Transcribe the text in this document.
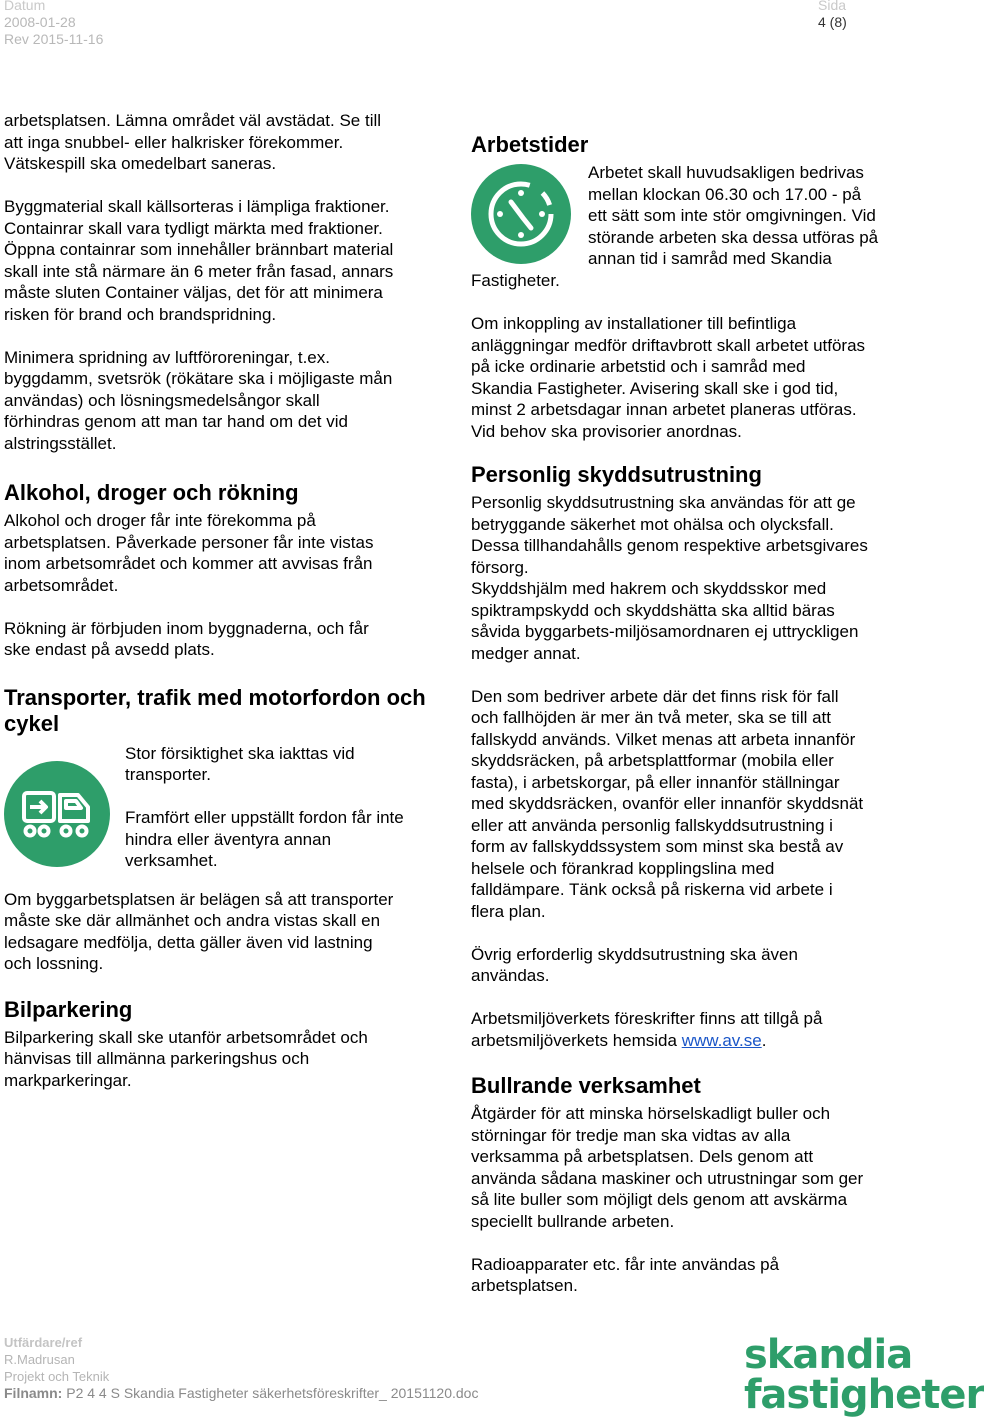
Datum
2008-01-28
Rev 2015-11-16
Sida
4 (8)

arbetsplatsen. Lämna området väl avstädat. Se till
att inga snubbel- eller halkrisker förekommer.
Vätskespill ska omedelbart saneras.

Byggmaterial skall källsorteras i lämpliga fraktioner.
Containrar skall vara tydligt märkta med fraktioner.
Öppna containrar som innehåller brännbart material
skall inte stå närmare än 6 meter från fasad, annars
måste sluten Container väljas, det för att minimera
risken för brand och brandspridning.

Minimera spridning av luftföroreningar, t.ex.
byggdamm, svetsrök (rökätare ska i möjligaste mån
användas) och lösningsmedelsångor skall
förhindras genom att man tar hand om det vid
alstringsstället.

Alkohol, droger och rökning

Alkohol och droger får inte förekomma på
arbetsplatsen. Påverkade personer får inte vistas
inom arbetsområdet och kommer att avvisas från
arbetsområdet.

Rökning är förbjuden inom byggnaderna, och får
ske endast på avsedd plats.

Transporter, trafik med motorfordon och
cykel

Stor försiktighet ska iakttas vid
transporter.

Framfört eller uppställt fordon får inte
hindra eller äventyra annan
verksamhet.

Om byggarbetsplatsen är belägen så att transporter
måste ske där allmänhet och andra vistas skall en
ledsagare medfölja, detta gäller även vid lastning
och lossning.

Bilparkering

Bilparkering skall ske utanför arbetsområdet och
hänvisas till allmänna parkeringshus och
markparkeringar.

Arbetstider

Arbetet skall huvudsakligen bedrivas
mellan klockan 06.30 och 17.00 - på
ett sätt som inte stör omgivningen. Vid
störande arbeten ska dessa utföras på
annan tid i samråd med Skandia

Fastigheter.

Om inkoppling av installationer till befintliga
anläggningar medför driftavbrott skall arbetet utföras
på icke ordinarie arbetstid och i samråd med
Skandia Fastigheter. Avisering skall ske i god tid,
minst 2 arbetsdagar innan arbetet planeras utföras.
Vid behov ska provisorier anordnas.

Personlig skyddsutrustning

Personlig skyddsutrustning ska användas för att ge
betryggande säkerhet mot ohälsa och olycksfall.
Dessa tillhandahålls genom respektive arbetsgivares
försorg.
Skyddshjälm med hakrem och skyddsskor med
spiktrampskydd och skyddshätta ska alltid bäras
såvida byggarbets-miljösamordnaren ej uttryckligen
medger annat.

Den som bedriver arbete där det finns risk för fall
och fallhöjden är mer än två meter, ska se till att
fallskydd används. Vilket menas att arbeta innanför
skyddsräcken, på arbetsplattformar (mobila eller
fasta), i arbetskorgar, på eller innanför ställningar
med skyddsräcken, ovanför eller innanför skyddsnät
eller att använda personlig fallskyddsutrustning i
form av fallskyddssystem som minst ska bestå av
helsele och förankrad kopplingslina med
falldämpare. Tänk också på riskerna vid arbete i
flera plan.

Övrig erforderlig skyddsutrustning ska även
användas.

Arbetsmiljöverkets föreskrifter finns att tillgå på
arbetsmiljöverkets hemsida www.av.se.

Bullrande verksamhet

Åtgärder för att minska hörselskadligt buller och
störningar för tredje man ska vidtas av alla
verksamma på arbetsplatsen. Dels genom att
använda sådana maskiner och utrustningar som ger
så lite buller som möjligt dels genom att avskärma
speciellt bullrande arbeten.

Radioapparater etc. får inte användas på
arbetsplatsen.

Utfärdare/ref
R.Madrusan
Projekt och Teknik
Filnamn: P2 4 4 S Skandia Fastigheter säkerhetsföreskrifter_ 20151120.doc
skandia
fastigheter
